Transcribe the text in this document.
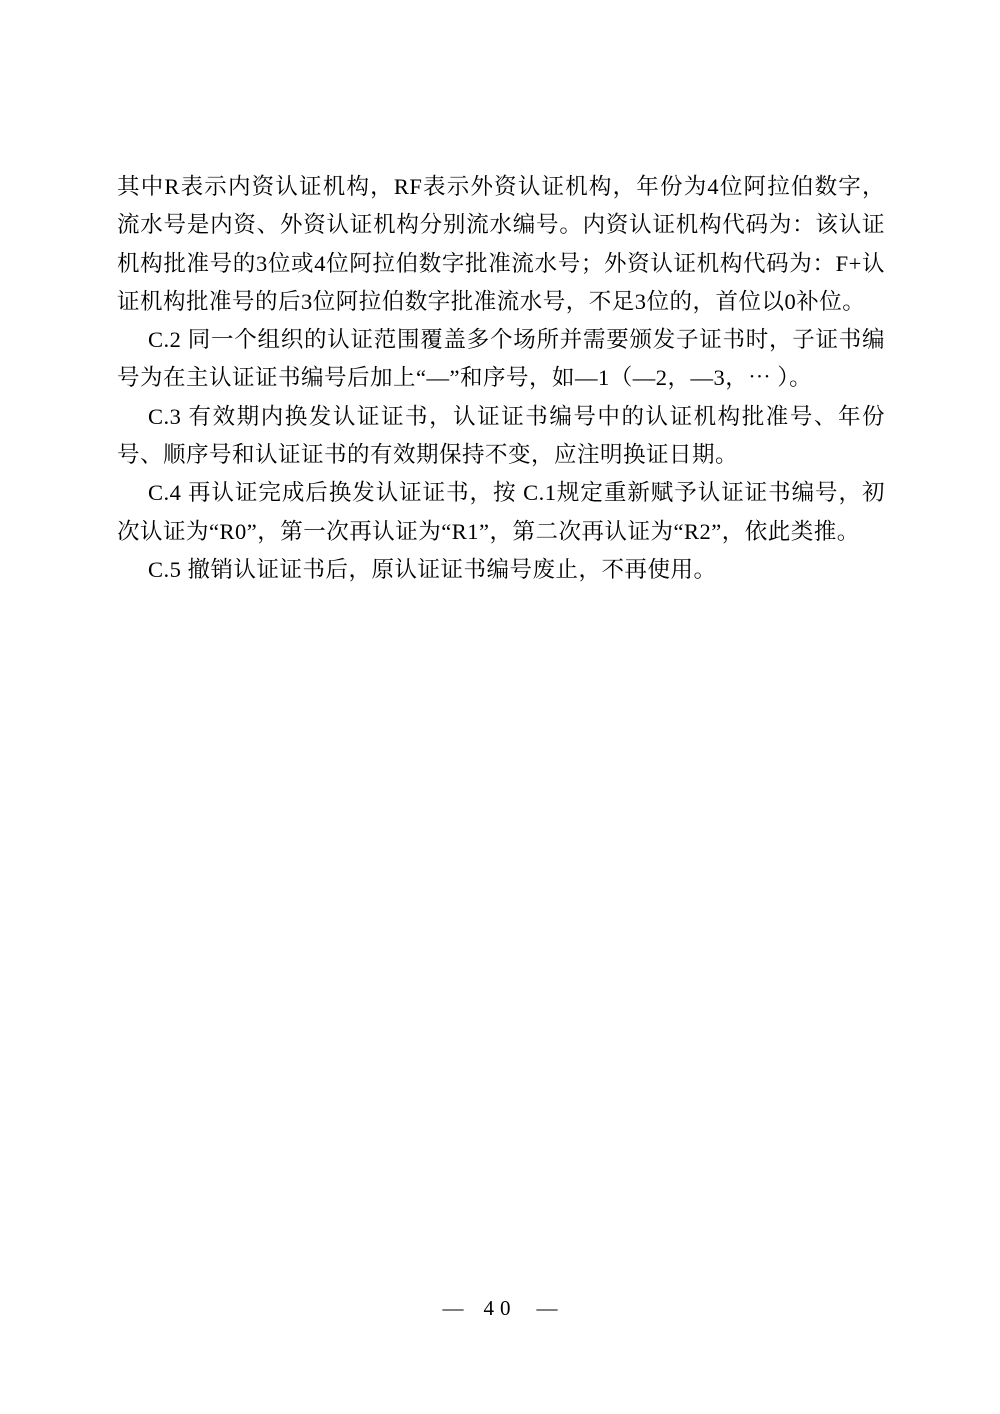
其中R表示内资认证机构，RF表示外资认证机构，年份为4位阿拉伯数字，流水号是内资、外资认证机构分别流水编号。内资认证机构代码为：该认证机构批准号的3位或4位阿拉伯数字批准流水号；外资认证机构代码为：F+认证机构批准号的后3位阿拉伯数字批准流水号，不足3位的，首位以0补位。

C.2 同一个组织的认证范围覆盖多个场所并需要颁发子证书时，子证书编号为在主认证证书编号后加上“—”和序号，如—1（—2，—3，⋯ ）。

C.3 有效期内换发认证证书，认证证书编号中的认证机构批准号、年份号、顺序号和认证证书的有效期保持不变，应注明换证日期。

C.4 再认证完成后换发认证证书，按 C.1规定重新赋予认证证书编号，初次认证为“R0”，第一次再认证为“R1”，第二次再认证为“R2”，依此类推。

C.5 撤销认证证书后，原认证证书编号废止，不再使用。

— 40 —
